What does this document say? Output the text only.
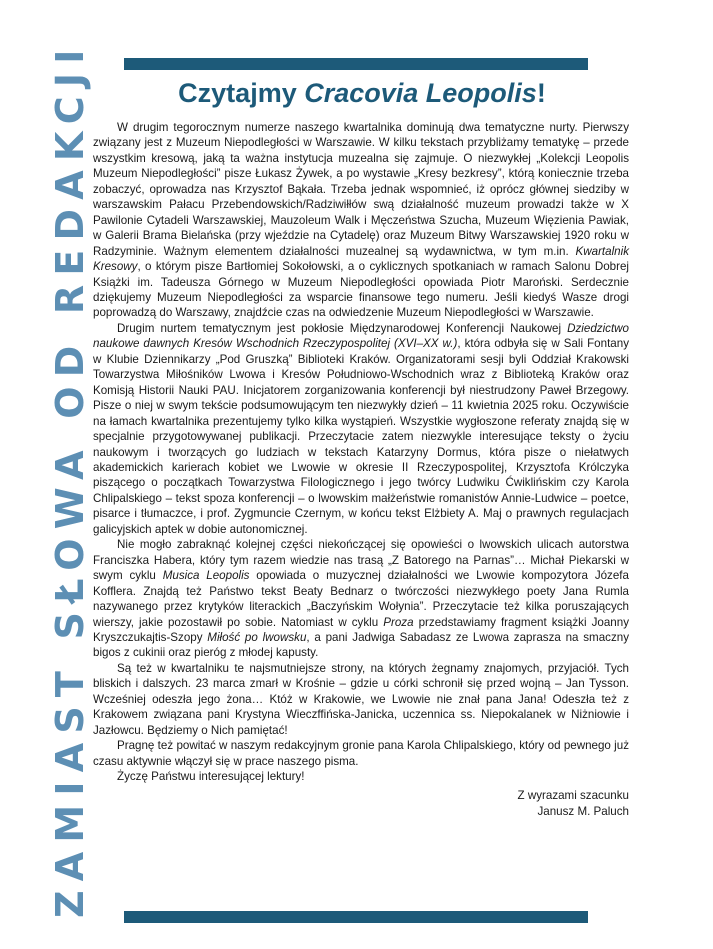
ZAMIAST SŁOWA OD REDAKCJI	Czytajmy Cracovia Leopolis!

W drugim tegorocznym numerze naszego kwartalnika dominują dwa tematyczne nurty. Pierwszy związany jest z Muzeum Niepodległości w Warszawie. W kilku tekstach przybliżamy tematykę – przede wszystkim kresową, jaką ta ważna instytucja muzealna się zajmuje. O niezwykłej „Kolekcji Leopolis Muzeum Niepodległości” pisze Łukasz Żywek, a po wystawie „Kresy bezkresy”, którą koniecznie trzeba zobaczyć, oprowadza nas Krzysztof Bąkała. Trzeba jednak wspomnieć, iż oprócz głównej siedziby w warszawskim Pałacu Przebendowskich/Radziwiłłów swą działalność muzeum prowadzi także w X Pawilonie Cytadeli Warszawskiej, Mauzoleum Walk i Męczeństwa Szucha, Muzeum Więzienia Pawiak, w Galerii Brama Bielańska (przy wjeździe na Cytadelę) oraz Muzeum Bitwy Warszawskiej 1920 roku w Radzyminie. Ważnym elementem działalności muzealnej są wydawnictwa, w tym m.in. Kwartalnik Kresowy, o którym pisze Bartłomiej Sokołowski, a o cyklicznych spotkaniach w ramach Salonu Dobrej Książki im. Tadeusza Górnego w Muzeum Niepodległości opowiada Piotr Maroński. Serdecznie dziękujemy Muzeum Niepodległości za wsparcie finansowe tego numeru. Jeśli kiedyś Wasze drogi poprowadzą do Warszawy, znajdźcie czas na odwiedzenie Muzeum Niepodległości w Warszawie.

Drugim nurtem tematycznym jest pokłosie Międzynarodowej Konferencji Naukowej Dziedzictwo naukowe dawnych Kresów Wschodnich Rzeczypospolitej (XVI–XX w.), która odbyła się w Sali Fontany w Klubie Dziennikarzy „Pod Gruszką” Biblioteki Kraków. Organizatorami sesji byli Oddział Krakowski Towarzystwa Miłośników Lwowa i Kresów Południowo-Wschodnich wraz z Biblioteką Kraków oraz Komisją Historii Nauki PAU. Inicjatorem zorganizowania konferencji był niestrudzony Paweł Brzegowy. Pisze o niej w swym tekście podsumowującym ten niezwykły dzień – 11 kwietnia 2025 roku. Oczywiście na łamach kwartalnika prezentujemy tylko kilka wystąpień. Wszystkie wygłoszone referaty znajdą się w specjalnie przygotowywanej publikacji. Przeczytacie zatem niezwykle interesujące teksty o życiu naukowym i tworzących go ludziach w tekstach Katarzyny Dormus, która pisze o niełatwych akademickich karierach kobiet we Lwowie w okresie II Rzeczypospolitej, Krzysztofa Królczyka piszącego o początkach Towarzystwa Filologicznego i jego twórcy Ludwiku Ćwiklińskim czy Karola Chlipalskiego – tekst spoza konferencji – o lwowskim małżeństwie romanistów Annie-Ludwice – poetce, pisarce i tłumaczce, i prof. Zygmuncie Czernym, w końcu tekst Elżbiety A. Maj o prawnych regulacjach galicyjskich aptek w dobie autonomicznej.

Nie mogło zabraknąć kolejnej części niekończącej się opowieści o lwowskich ulicach autorstwa Franciszka Habera, który tym razem wiedzie nas trasą „Z Batorego na Parnas”… Michał Piekarski w swym cyklu Musica Leopolis opowiada o muzycznej działalności we Lwowie kompozytora Józefa Kofflera. Znajdą też Państwo tekst Beaty Bednarz o twórczości niezwykłego poety Jana Rumla nazywanego przez krytyków literackich „Baczyńskim Wołynia”. Przeczytacie też kilka poruszających wierszy, jakie pozostawił po sobie. Natomiast w cyklu Proza przedstawiamy fragment książki Joanny Kryszczukajtis-Szopy Miłość po lwowsku, a pani Jadwiga Sabadasz ze Lwowa zaprasza na smaczny bigos z cukinii oraz pieróg z młodej kapusty.

Są też w kwartalniku te najsmutniejsze strony, na których żegnamy znajomych, przyjaciół. Tych bliskich i dalszych. 23 marca zmarł w Krośnie – gdzie u córki schronił się przed wojną – Jan Tysson. Wcześniej odeszła jego żona… Któż w Krakowie, we Lwowie nie znał pana Jana! Odeszła też z Krakowem związana pani Krystyna Wieczffińska-Janicka, uczennica ss. Niepokalanek w Niżniowie i Jazłowcu. Będziemy o Nich pamiętać!

Pragnę też powitać w naszym redakcyjnym gronie pana Karola Chlipalskiego, który od pewnego już czasu aktywnie włączył się w prace naszego pisma.

Życzę Państwu interesującej lektury!

Z wyrazami szacunku
Janusz M. Paluch
